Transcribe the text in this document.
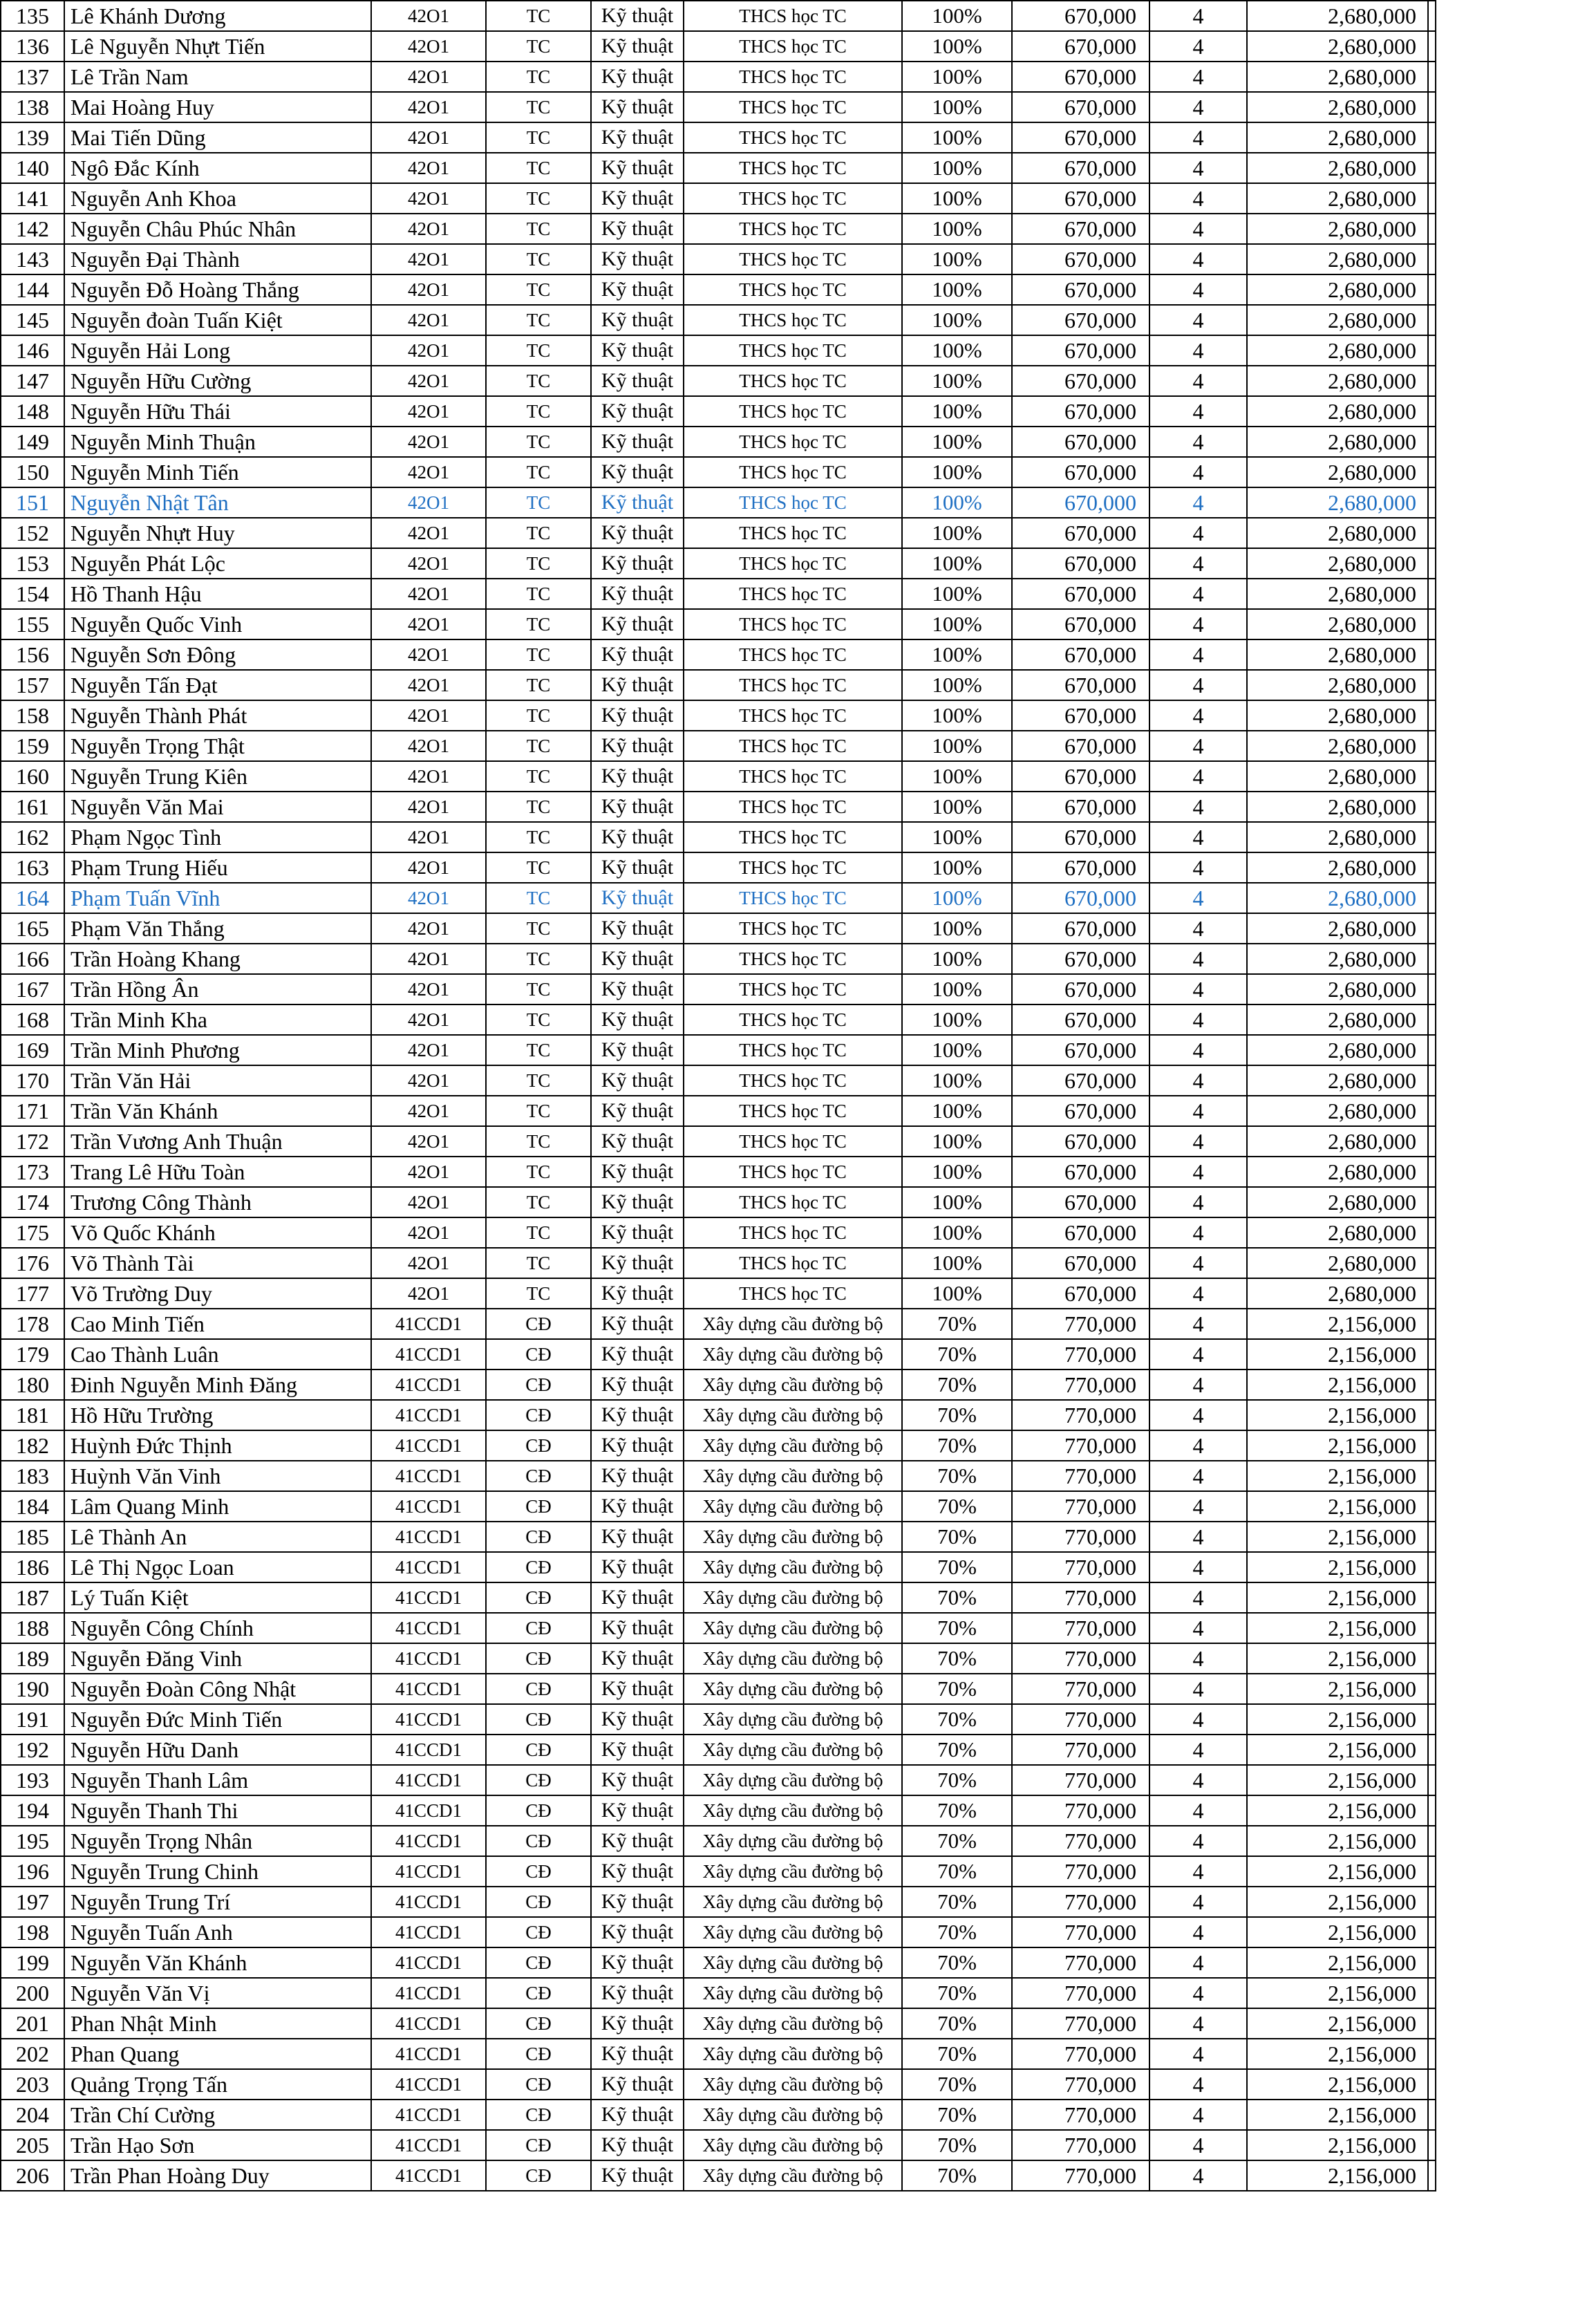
135	Lê Khánh Dương	42O1	TC	Kỹ thuật	THCS học TC	100%	670,000	4	2,680,000	
136	Lê Nguyễn Nhựt Tiến	42O1	TC	Kỹ thuật	THCS học TC	100%	670,000	4	2,680,000	
137	Lê Trần Nam	42O1	TC	Kỹ thuật	THCS học TC	100%	670,000	4	2,680,000	
138	Mai Hoàng Huy	42O1	TC	Kỹ thuật	THCS học TC	100%	670,000	4	2,680,000	
139	Mai Tiến Dũng	42O1	TC	Kỹ thuật	THCS học TC	100%	670,000	4	2,680,000	
140	Ngô Đắc Kính	42O1	TC	Kỹ thuật	THCS học TC	100%	670,000	4	2,680,000	
141	Nguyễn Anh Khoa	42O1	TC	Kỹ thuật	THCS học TC	100%	670,000	4	2,680,000	
142	Nguyễn Châu Phúc Nhân	42O1	TC	Kỹ thuật	THCS học TC	100%	670,000	4	2,680,000	
143	Nguyễn Đại Thành	42O1	TC	Kỹ thuật	THCS học TC	100%	670,000	4	2,680,000	
144	Nguyễn Đỗ Hoàng Thắng	42O1	TC	Kỹ thuật	THCS học TC	100%	670,000	4	2,680,000	
145	Nguyễn đoàn Tuấn Kiệt	42O1	TC	Kỹ thuật	THCS học TC	100%	670,000	4	2,680,000	
146	Nguyễn Hải Long	42O1	TC	Kỹ thuật	THCS học TC	100%	670,000	4	2,680,000	
147	Nguyễn Hữu Cường	42O1	TC	Kỹ thuật	THCS học TC	100%	670,000	4	2,680,000	
148	Nguyễn Hữu Thái	42O1	TC	Kỹ thuật	THCS học TC	100%	670,000	4	2,680,000	
149	Nguyễn Minh Thuận	42O1	TC	Kỹ thuật	THCS học TC	100%	670,000	4	2,680,000	
150	Nguyễn Minh Tiến	42O1	TC	Kỹ thuật	THCS học TC	100%	670,000	4	2,680,000	
151	Nguyễn Nhật Tân	42O1	TC	Kỹ thuật	THCS học TC	100%	670,000	4	2,680,000	
152	Nguyễn Nhựt Huy	42O1	TC	Kỹ thuật	THCS học TC	100%	670,000	4	2,680,000	
153	Nguyễn Phát Lộc	42O1	TC	Kỹ thuật	THCS học TC	100%	670,000	4	2,680,000	
154	Hồ Thanh Hậu	42O1	TC	Kỹ thuật	THCS học TC	100%	670,000	4	2,680,000	
155	Nguyễn Quốc Vinh	42O1	TC	Kỹ thuật	THCS học TC	100%	670,000	4	2,680,000	
156	Nguyễn Sơn Đông	42O1	TC	Kỹ thuật	THCS học TC	100%	670,000	4	2,680,000	
157	Nguyễn Tấn Đạt	42O1	TC	Kỹ thuật	THCS học TC	100%	670,000	4	2,680,000	
158	Nguyễn Thành Phát	42O1	TC	Kỹ thuật	THCS học TC	100%	670,000	4	2,680,000	
159	Nguyễn Trọng Thật	42O1	TC	Kỹ thuật	THCS học TC	100%	670,000	4	2,680,000	
160	Nguyễn Trung Kiên	42O1	TC	Kỹ thuật	THCS học TC	100%	670,000	4	2,680,000	
161	Nguyễn Văn Mai	42O1	TC	Kỹ thuật	THCS học TC	100%	670,000	4	2,680,000	
162	Phạm Ngọc Tình	42O1	TC	Kỹ thuật	THCS học TC	100%	670,000	4	2,680,000	
163	Phạm Trung Hiếu	42O1	TC	Kỹ thuật	THCS học TC	100%	670,000	4	2,680,000	
164	Phạm Tuấn Vĩnh	42O1	TC	Kỹ thuật	THCS học TC	100%	670,000	4	2,680,000	
165	Phạm Văn Thắng	42O1	TC	Kỹ thuật	THCS học TC	100%	670,000	4	2,680,000	
166	Trần Hoàng Khang	42O1	TC	Kỹ thuật	THCS học TC	100%	670,000	4	2,680,000	
167	Trần Hồng Ân	42O1	TC	Kỹ thuật	THCS học TC	100%	670,000	4	2,680,000	
168	Trần Minh Kha	42O1	TC	Kỹ thuật	THCS học TC	100%	670,000	4	2,680,000	
169	Trần Minh Phương	42O1	TC	Kỹ thuật	THCS học TC	100%	670,000	4	2,680,000	
170	Trần Văn Hải	42O1	TC	Kỹ thuật	THCS học TC	100%	670,000	4	2,680,000	
171	Trần Văn Khánh	42O1	TC	Kỹ thuật	THCS học TC	100%	670,000	4	2,680,000	
172	Trần Vương Anh Thuận	42O1	TC	Kỹ thuật	THCS học TC	100%	670,000	4	2,680,000	
173	Trang Lê Hữu Toàn	42O1	TC	Kỹ thuật	THCS học TC	100%	670,000	4	2,680,000	
174	Trương Công Thành	42O1	TC	Kỹ thuật	THCS học TC	100%	670,000	4	2,680,000	
175	Võ Quốc Khánh	42O1	TC	Kỹ thuật	THCS học TC	100%	670,000	4	2,680,000	
176	Võ Thành Tài	42O1	TC	Kỹ thuật	THCS học TC	100%	670,000	4	2,680,000	
177	Võ Trường Duy	42O1	TC	Kỹ thuật	THCS học TC	100%	670,000	4	2,680,000	
178	Cao Minh Tiến	41CCD1	CĐ	Kỹ thuật	Xây dựng cầu đường bộ	70%	770,000	4	2,156,000	
179	Cao Thành Luân	41CCD1	CĐ	Kỹ thuật	Xây dựng cầu đường bộ	70%	770,000	4	2,156,000	
180	Đinh Nguyễn Minh Đăng	41CCD1	CĐ	Kỹ thuật	Xây dựng cầu đường bộ	70%	770,000	4	2,156,000	
181	Hồ Hữu Trường	41CCD1	CĐ	Kỹ thuật	Xây dựng cầu đường bộ	70%	770,000	4	2,156,000	
182	Huỳnh Đức Thịnh	41CCD1	CĐ	Kỹ thuật	Xây dựng cầu đường bộ	70%	770,000	4	2,156,000	
183	Huỳnh Văn Vinh	41CCD1	CĐ	Kỹ thuật	Xây dựng cầu đường bộ	70%	770,000	4	2,156,000	
184	Lâm Quang Minh	41CCD1	CĐ	Kỹ thuật	Xây dựng cầu đường bộ	70%	770,000	4	2,156,000	
185	Lê Thành An	41CCD1	CĐ	Kỹ thuật	Xây dựng cầu đường bộ	70%	770,000	4	2,156,000	
186	Lê Thị Ngọc Loan	41CCD1	CĐ	Kỹ thuật	Xây dựng cầu đường bộ	70%	770,000	4	2,156,000	
187	Lý Tuấn Kiệt	41CCD1	CĐ	Kỹ thuật	Xây dựng cầu đường bộ	70%	770,000	4	2,156,000	
188	Nguyễn Công Chính	41CCD1	CĐ	Kỹ thuật	Xây dựng cầu đường bộ	70%	770,000	4	2,156,000	
189	Nguyễn Đăng Vinh	41CCD1	CĐ	Kỹ thuật	Xây dựng cầu đường bộ	70%	770,000	4	2,156,000	
190	Nguyễn Đoàn Công Nhật	41CCD1	CĐ	Kỹ thuật	Xây dựng cầu đường bộ	70%	770,000	4	2,156,000	
191	Nguyễn Đức Minh Tiến	41CCD1	CĐ	Kỹ thuật	Xây dựng cầu đường bộ	70%	770,000	4	2,156,000	
192	Nguyễn Hữu Danh	41CCD1	CĐ	Kỹ thuật	Xây dựng cầu đường bộ	70%	770,000	4	2,156,000	
193	Nguyễn Thanh Lâm	41CCD1	CĐ	Kỹ thuật	Xây dựng cầu đường bộ	70%	770,000	4	2,156,000	
194	Nguyễn Thanh Thi	41CCD1	CĐ	Kỹ thuật	Xây dựng cầu đường bộ	70%	770,000	4	2,156,000	
195	Nguyễn Trọng Nhân	41CCD1	CĐ	Kỹ thuật	Xây dựng cầu đường bộ	70%	770,000	4	2,156,000	
196	Nguyễn Trung Chinh	41CCD1	CĐ	Kỹ thuật	Xây dựng cầu đường bộ	70%	770,000	4	2,156,000	
197	Nguyễn Trung Trí	41CCD1	CĐ	Kỹ thuật	Xây dựng cầu đường bộ	70%	770,000	4	2,156,000	
198	Nguyễn Tuấn Anh	41CCD1	CĐ	Kỹ thuật	Xây dựng cầu đường bộ	70%	770,000	4	2,156,000	
199	Nguyễn Văn Khánh	41CCD1	CĐ	Kỹ thuật	Xây dựng cầu đường bộ	70%	770,000	4	2,156,000	
200	Nguyễn Văn Vị	41CCD1	CĐ	Kỹ thuật	Xây dựng cầu đường bộ	70%	770,000	4	2,156,000	
201	Phan Nhật Minh	41CCD1	CĐ	Kỹ thuật	Xây dựng cầu đường bộ	70%	770,000	4	2,156,000	
202	Phan Quang	41CCD1	CĐ	Kỹ thuật	Xây dựng cầu đường bộ	70%	770,000	4	2,156,000	
203	Quảng Trọng Tấn	41CCD1	CĐ	Kỹ thuật	Xây dựng cầu đường bộ	70%	770,000	4	2,156,000	
204	Trần Chí Cường	41CCD1	CĐ	Kỹ thuật	Xây dựng cầu đường bộ	70%	770,000	4	2,156,000	
205	Trần Hạo Sơn	41CCD1	CĐ	Kỹ thuật	Xây dựng cầu đường bộ	70%	770,000	4	2,156,000	
206	Trần Phan Hoàng Duy	41CCD1	CĐ	Kỹ thuật	Xây dựng cầu đường bộ	70%	770,000	4	2,156,000	
